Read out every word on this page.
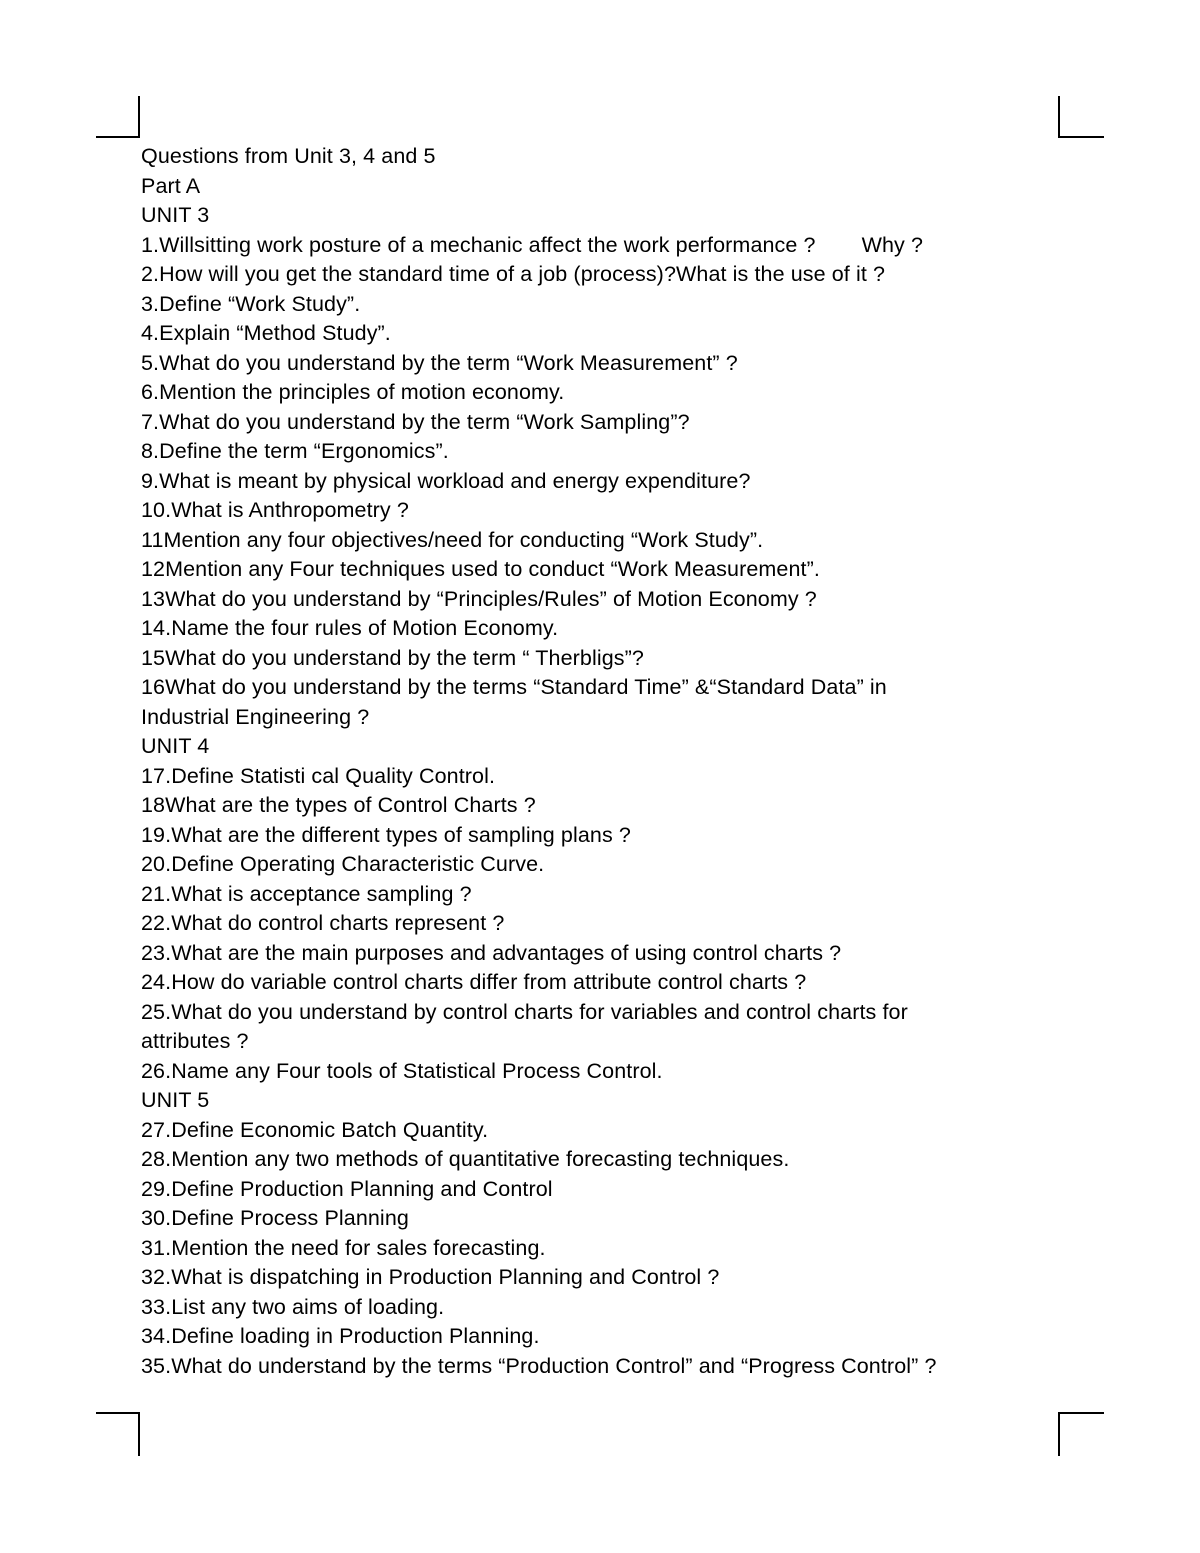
Questions from Unit 3, 4 and 5
Part A
UNIT 3
1.Willsitting work posture of a mechanic affect the work performance ? Why ?
2.How will you get the standard time of a job (process)?What is the use of it ?
3.Define “Work Study”.
4.Explain “Method Study”.
5.What do you understand by the term “Work Measurement” ?
6.Mention the principles of motion economy.
7.What do you understand by the term “Work Sampling”?
8.Define the term “Ergonomics”.
9.What is meant by physical workload and energy expenditure?
10.What is Anthropometry ?
11Mention any four objectives/need for conducting “Work Study”.
12Mention any Four techniques used to conduct “Work Measurement”.
13What do you understand by “Principles/Rules” of Motion Economy ?
14.Name the four rules of Motion Economy.
15What do you understand by the term “ Therbligs”?
16What do you understand by the terms “Standard Time” &“Standard Data” in Industrial Engineering ?
UNIT 4
17.Define Statisti cal Quality Control.
18What are the types of Control Charts ?
19.What are the different types of sampling plans ?
20.Define Operating Characteristic Curve.
21.What is acceptance sampling ?
22.What do control charts represent ?
23.What are the main purposes and advantages of using control charts ?
24.How do variable control charts differ from attribute control charts ?
25.What do you understand by control charts for variables and control charts for attributes ?
26.Name any Four tools of Statistical Process Control.
UNIT 5
27.Define Economic Batch Quantity.
28.Mention any two methods of quantitative forecasting techniques.
29.Define Production Planning and Control
30.Define Process Planning
31.Mention the need for sales forecasting.
32.What is dispatching in Production Planning and Control ?
33.List any two aims of loading.
34.Define loading in Production Planning.
35.What do understand by the terms “Production Control” and “Progress Control” ?
